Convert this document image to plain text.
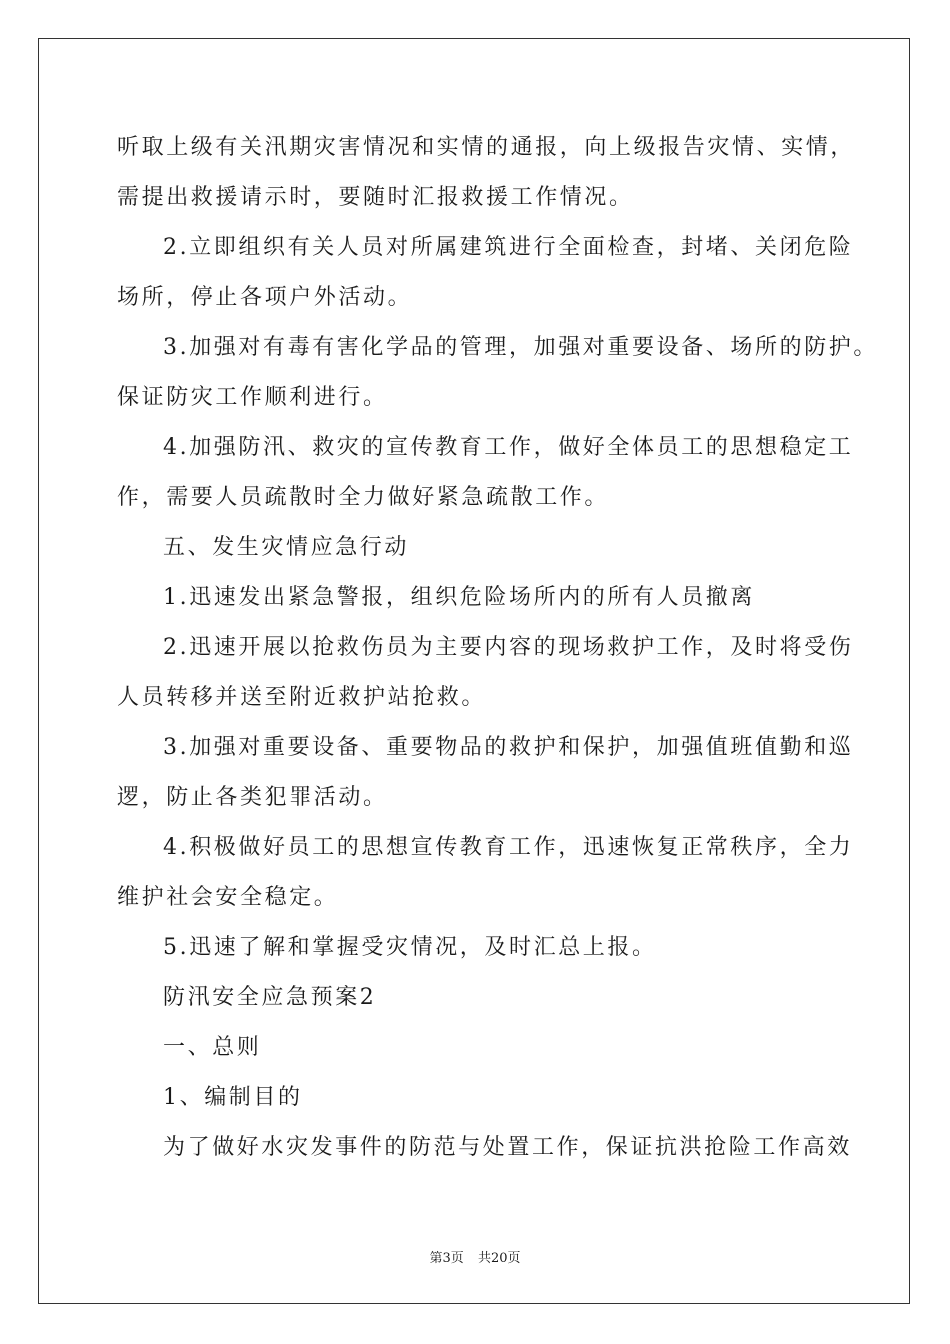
听取上级有关汛期灾害情况和实情的通报，向上级报告灾情、实情，
需提出救援请示时，要随时汇报救援工作情况。
2.立即组织有关人员对所属建筑进行全面检查，封堵、关闭危险
场所，停止各项户外活动。
3.加强对有毒有害化学品的管理，加强对重要设备、场所的防护。
保证防灾工作顺利进行。
4.加强防汛、救灾的宣传教育工作，做好全体员工的思想稳定工
作，需要人员疏散时全力做好紧急疏散工作。
五、发生灾情应急行动
1.迅速发出紧急警报，组织危险场所内的所有人员撤离
2.迅速开展以抢救伤员为主要内容的现场救护工作，及时将受伤
人员转移并送至附近救护站抢救。
3.加强对重要设备、重要物品的救护和保护，加强值班值勤和巡
逻，防止各类犯罪活动。
4.积极做好员工的思想宣传教育工作，迅速恢复正常秩序，全力
维护社会安全稳定。
5.迅速了解和掌握受灾情况，及时汇总上报。
防汛安全应急预案2
一、总则
1、编制目的
为了做好水灾发事件的防范与处置工作，保证抗洪抢险工作高效
第3页 共20页
